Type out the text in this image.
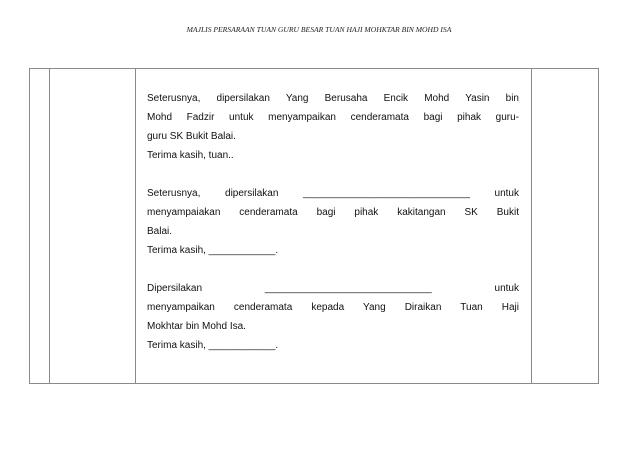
MAJLIS PERSARAAN TUAN GURU BESAR TUAN HAJI MOHKTAR BIN MOHD ISA

Seterusnya, dipersilakan Yang Berusaha Encik Mohd Yasin bin

Mohd Fadzir untuk menyampaikan cenderamata bagi pihak guru-

guru SK Bukit Balai.

Terima kasih, tuan..

Seterusnya, dipersilakan ______________________________ untuk

menyampaiakan cenderamata bagi pihak kakitangan SK Bukit

Balai.

Terima kasih, ____________.

Dipersilakan	______________________________	untuk

menyampaikan cenderamata kepada Yang Diraikan Tuan Haji

Mokhtar bin Mohd Isa.

Terima kasih, ____________.
